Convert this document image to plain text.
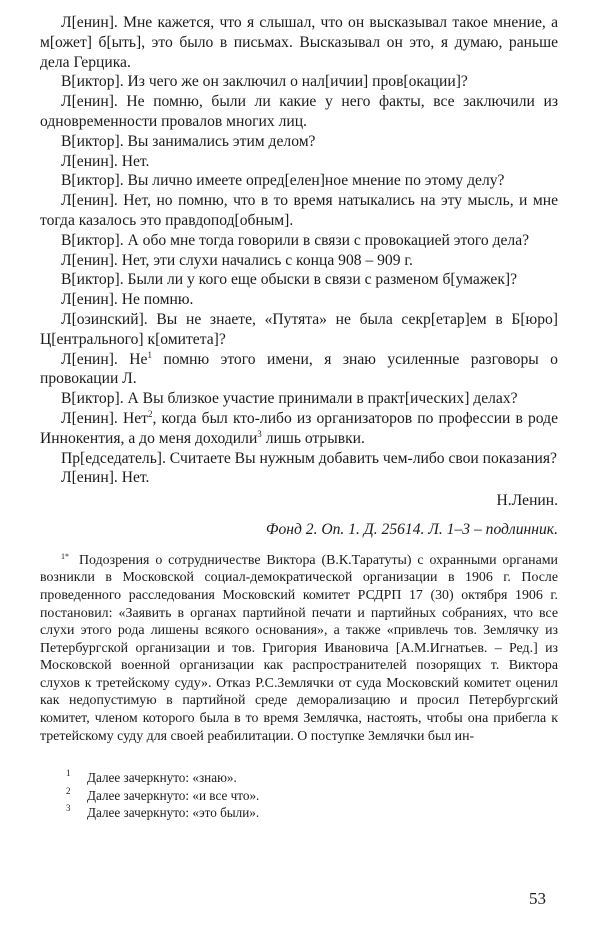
Л[енин]. Мне кажется, что я слышал, что он высказывал такое мнение, а м[ожет] б[ыть], это было в письмах. Высказывал он это, я думаю, раньше дела Герцика.

В[иктор]. Из чего же он заключил о нал[ичии] пров[окации]?

Л[енин]. Не помню, были ли какие у него факты, все заключили из одновременности провалов многих лиц.

В[иктор]. Вы занимались этим делом?

Л[енин]. Нет.

В[иктор]. Вы лично имеете опред[елен]ное мнение по этому делу?

Л[енин]. Нет, но помню, что в то время натыкались на эту мысль, и мне тогда казалось это правдопод[обным].

В[иктор]. А обо мне тогда говорили в связи с провокацией этого дела?

Л[енин]. Нет, эти слухи начались с конца 908 – 909 г.

В[иктор]. Были ли у кого еще обыски в связи с разменом б[умажек]?

Л[енин]. Не помню.

Л[озинский]. Вы не знаете, «Путята» не была секр[етар]ем в Б[юро] Ц[ентрального] к[омитета]?

Л[енин]. $Не^1$ помню этого имени, я знаю усиленные разговоры о провокации Л.

В[иктор]. А Вы близкое участие принимали в практ[ических] делах?

Л[енин]. Нет$^2$, когда был кто-либо из организаторов по профессии в роде Иннокентия, а до меня доходили$^3$ лишь отрывки.

Пр[едседатель]. Считаете Вы нужным добавить чем-либо свои показания?

Л[енин]. Нет.

Н.Ленин.

Фонд 2. Оп. 1. Д. 25614. Л. 1–3 – подлинник.

$^{1*}$ Подозрения о сотрудничестве Виктора (В.К.Таратуты) с охранными органами возникли в Московской социал-демократической организации в 1906 г. После проведенного расследования Московский комитет РСДРП 17 (30) октября 1906 г. постановил: «Заявить в органах партийной печати и партийных собраниях, что все слухи этого рода лишены всякого основания», а также «привлечь тов. Землячку из Петербургской организации и тов. Григория Ивановича [А.М.Игнатьев. – Ред.] из Московской военной организации как распространителей позорящих т. Виктора слухов к третейскому суду». Отказ Р.С.Землячки от суда Московский комитет оценил как недопустимую в партийной среде деморализацию и просил Петербургский комитет, членом которого была в то время Землячка, настоять, чтобы она прибегла к третейскому суду для своей реабилитации. О поступке Землячки был ин-

1 Далее зачеркнуто: «знаю».
2 Далее зачеркнуто: «и все что».
3 Далее зачеркнуто: «это были».
53
